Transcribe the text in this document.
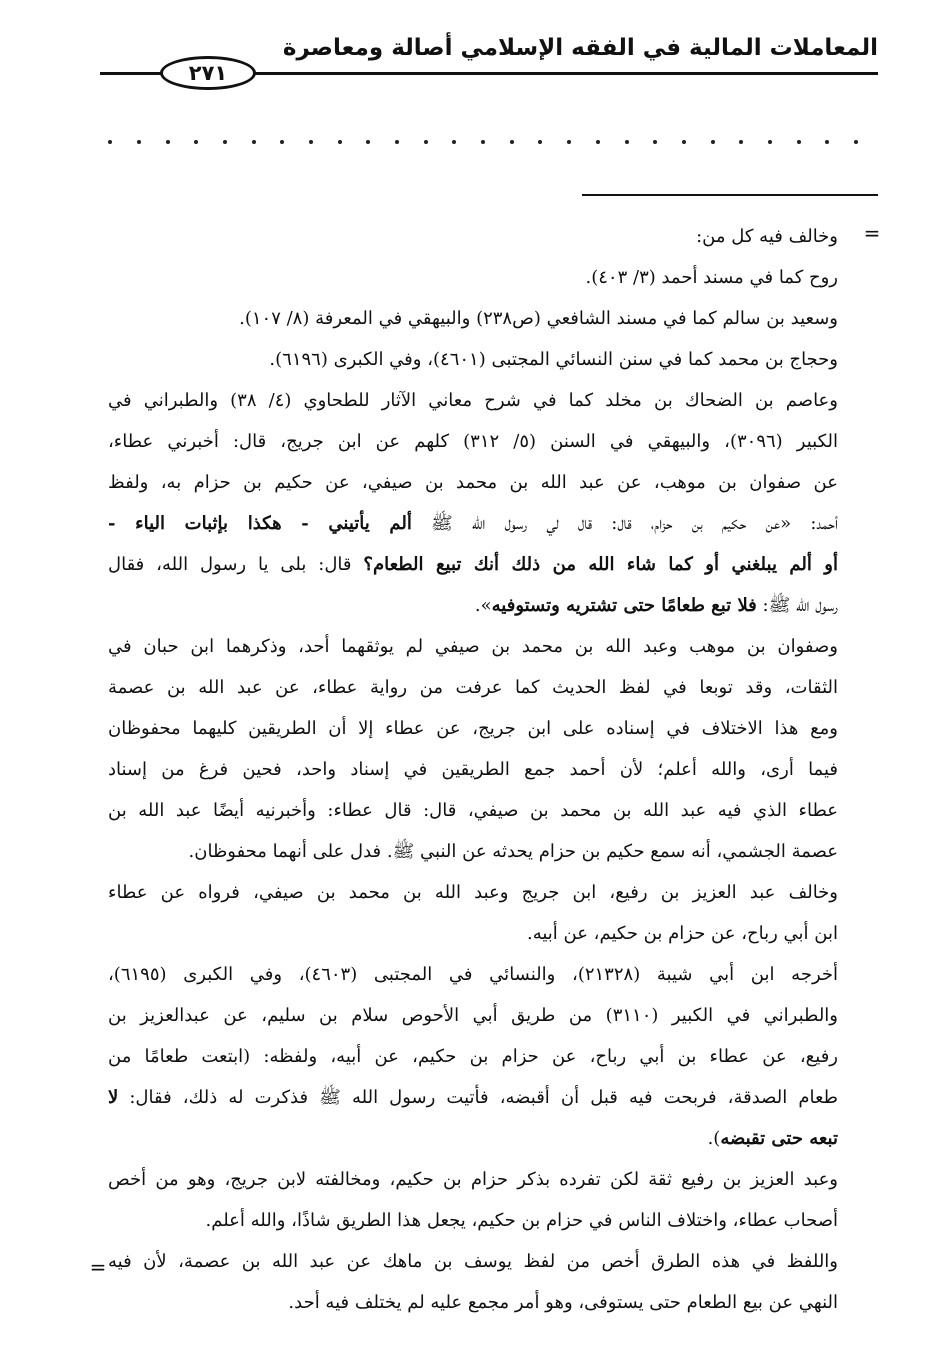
المعاملات المالية في الفقه الإسلامي أصالة ومعاصرة
٢٧١
=
وخالف فيه كل من:
روح كما في مسند أحمد (٣/ ٤٠٣).
وسعيد بن سالم كما في مسند الشافعي (ص٢٣٨) والبيهقي في المعرفة (٨/ ١٠٧).
وحجاج بن محمد كما في سنن النسائي المجتبى (٤٦٠١)، وفي الكبرى (٦١٩٦).
وعاصم بن الضحاك بن مخلد كما في شرح معاني الآثار للطحاوي (٤/ ٣٨) والطبراني في
الكبير (٣٠٩٦)، والبيهقي في السنن (٥/ ٣١٢) كلهم عن ابن جريج، قال: أخبرني عطاء،
عن صفوان بن موهب، عن عبد الله بن محمد بن صيفي، عن حكيم بن حزام به، ولفظ
أحمد: «عن حكيم بن حزام، قال: قال لي رسول الله ﷺ ألم يأتيني - هكذا بإثبات الياء -
أو ألم يبلغني أو كما شاء الله من ذلك أنك تبيع الطعام؟ قال: بلى يا رسول الله، فقال
رسول الله ﷺ: فلا تبع طعامًا حتى تشتريه وتستوفيه».
وصفوان بن موهب وعبد الله بن محمد بن صيفي لم يوثقهما أحد، وذكرهما ابن حبان في
الثقات، وقد توبعا في لفظ الحديث كما عرفت من رواية عطاء، عن عبد الله بن عصمة
ومع هذا الاختلاف في إسناده على ابن جريج، عن عطاء إلا أن الطريقين كليهما محفوظان
فيما أرى، والله أعلم؛ لأن أحمد جمع الطريقين في إسناد واحد، فحين فرغ من إسناد
عطاء الذي فيه عبد الله بن محمد بن صيفي، قال: قال عطاء: وأخبرنيه أيضًا عبد الله بن
عصمة الجشمي، أنه سمع حكيم بن حزام يحدثه عن النبي ﷺ. فدل على أنهما محفوظان.
وخالف عبد العزيز بن رفيع، ابن جريج وعبد الله بن محمد بن صيفي، فرواه عن عطاء
ابن أبي رباح، عن حزام بن حكيم، عن أبيه.
أخرجه ابن أبي شيبة (٢١٣٢٨)، والنسائي في المجتبى (٤٦٠٣)، وفي الكبرى (٦١٩٥)،
والطبراني في الكبير (٣١١٠) من طريق أبي الأحوص سلام بن سليم، عن عبدالعزيز بن
رفيع، عن عطاء بن أبي رباح، عن حزام بن حكيم، عن أبيه، ولفظه: (ابتعت طعامًا من
طعام الصدقة، فربحت فيه قبل أن أقبضه، فأتيت رسول الله ﷺ فذكرت له ذلك، فقال: لا
تبعه حتى تقبضه).
وعبد العزيز بن رفيع ثقة لكن تفرده بذكر حزام بن حكيم، ومخالفته لابن جريج، وهو من أخص
أصحاب عطاء، واختلاف الناس في حزام بن حكيم، يجعل هذا الطريق شاذًا، والله أعلم.
واللفظ في هذه الطرق أخص من لفظ يوسف بن ماهك عن عبد الله بن عصمة، لأن فيه
النهي عن بيع الطعام حتى يستوفى، وهو أمر مجمع عليه لم يختلف فيه أحد.
=
